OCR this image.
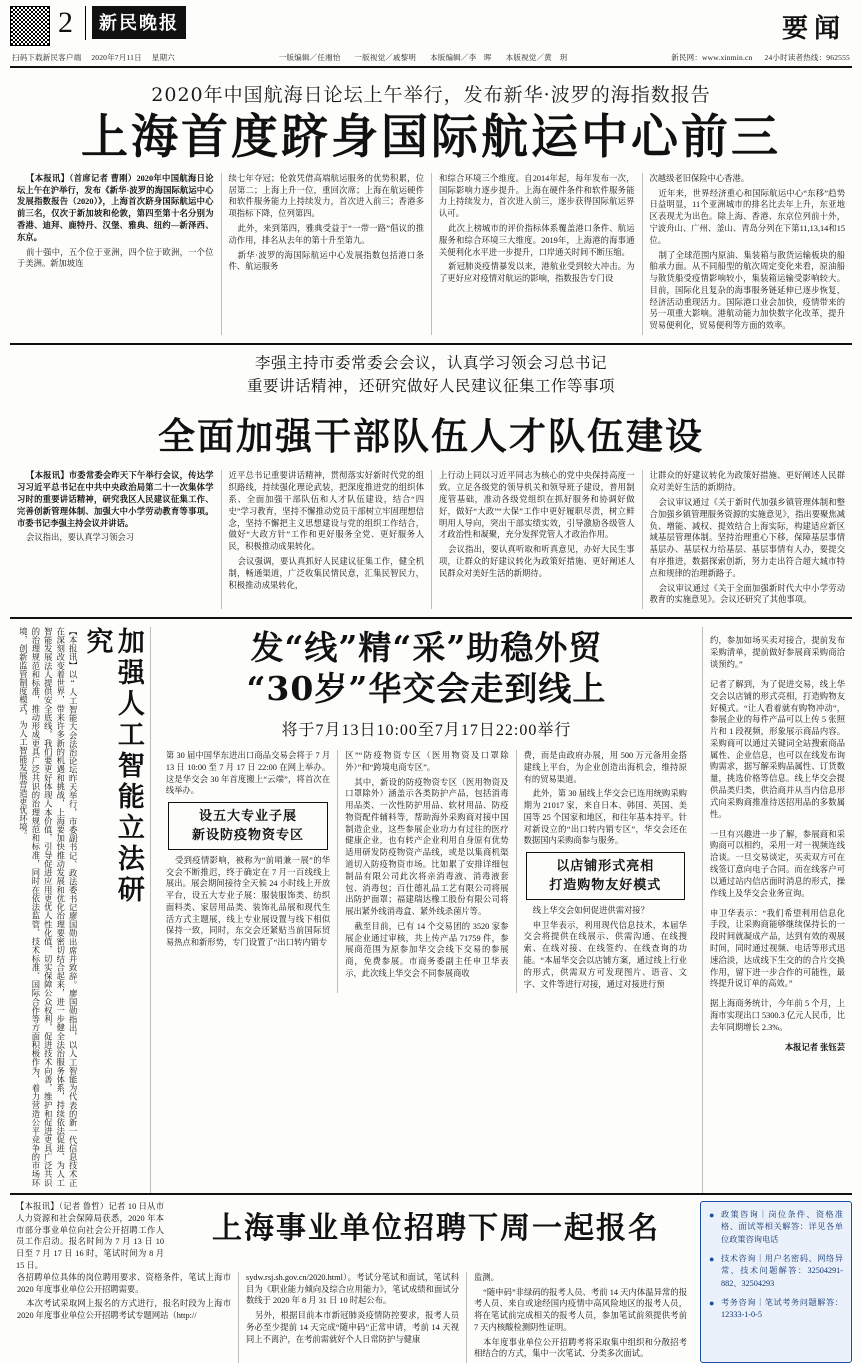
2	新民晚报	要闻
扫码下载新民客户端 2020年7月11日 星期六	一版编辑／任湘怡 一版视觉／戚黎明 本版编辑／李　晖 本版视觉／黄　玥	新民网：www.xinmin.cn 24小时读者热线：962555
2020年中国航海日论坛上午举行，发布新华·波罗的海指数报告
上海首度跻身国际航运中心前三

【本报讯】（首席记者 曹刚）2020年中国航海日论坛上午在沪举行，发布《新华·波罗的海国际航运中心发展指数报告（2020）》，上海首次跻身国际航运中心前三名，仅次于新加坡和伦敦，第四至第十名分别为香港、迪拜、鹿特丹、汉堡、雅典、纽约—新泽西、东京。

前十强中，五个位于亚洲，四个位于欧洲，一个位于美洲。新加坡连

续七年夺冠；伦敦凭借高端航运服务的优势积累，位居第二；上海上升一位，重回次席；上海在航运硬件和软件服务能力上持续发力，首次进入前三；香港多项指标下降，位列第四。

此外，来到第四，雅典受益于“一带一路”倡议的推动作用，排名从去年的第十升至第九。

新华·波罗的海国际航运中心发展指数包括港口条件、航运服务

和综合环境三个维度。自2014年起，每年发布一次，国际影响力逐步提升。上海在硬件条件和软件服务能力上持续发力，首次进入前三，逐步获得国际航运界认可。

此次上榜城市的评价指标体系覆盖港口条件、航运服务和综合环境三大维度。2019年，上海港的海事通关便利化水平进一步提升，口岸通关时间不断压缩。

新冠肺炎疫情暴发以来，港航业受到较大冲击。为了更好应对疫情对航运的影响，指数报告专门设

次越级老旧保险中心香港。

近年来，世界经济重心和国际航运中心“东移”趋势日益明显，11个亚洲城市的排名比去年上升，东亚地区表现尤为出色。除上海、香港、东京位列前十外，宁波舟山、广州、釜山、青岛分列在下第11,13,14和15位。

制了全球范围内原油、集装箱与散货运输板块的船舶承力面。从不同船型的航次周定变化来看，原油船与散货船受疫情影响较小，集装箱运输受影响较大。目前，国际化且复杂的海事服务链延伸已逐步恢复，经济活动重现活力。国际港口业会加快，疫情带来的另一项重大影响。港航动能力加快数字化改革，提升贸易便利化，贸易便利等方面的效率。

李强主持市委常委会会议，认真学习领会习总书记
重要讲话精神，还研究做好人民建议征集工作等事项
全面加强干部队伍人才队伍建设

【本报讯】市委常委会昨天下午举行会议，传达学习习近平总书记在中共中央政治局第二十一次集体学习时的重要讲话精神，研究我区人民建议征集工作、完善创新管理体制、加强大中小学劳动教育等事项。市委书记李强主持会议并讲话。

会议指出，要认真学习领会习

近平总书记重要讲话精神，贯彻落实好新时代党的组织路线，持续强化理论武装，把深度推进党的组织体系、全面加强干部队伍和人才队伍建设，结合“四史”学习教育，坚持不懈推动党员干部树立牢固理想信念，坚持不懈把主义思想建设与党的组织工作结合，做好“大政方针”工作和更好服务全党、更好服务人民，积极推动成果转化。

会议强调，要认真抓好人民建议征集工作，健全机制，畅通渠道，广泛收集民情民意，汇集民智民力，积极推动成果转化，

上行动上同以习近平同志为核心的党中央保持高度一致。立足各级党的领导机关和领导班子建设，普用制度管基础，准动各级党组织在抓好服务和协调好做好，做好“大政”“大保”工作中更好履职尽责，树立鲜明用人导向，突出干部实绩实效，引导激励各级管人才政治性和凝聚，充分发挥党管人才政治作用。

会议指出，要认真听取和听真意见，办好大民生事项，让群众的好建议转化为政策好措施、更好阐述人民群众对美好生活的新期待。

让群众的好建议转化为政策好措施、更好阐述人民群众对美好生活的新期待。

会议审议通过《关于新时代加强乡镇管理体制和整合加强乡镇管理服务资源的实施意见》，指出要聚焦减负、增能、减权、提效结合上海实际，构建适应新区域基层管理体制。坚持治理重心下移，保障基层事情基层办、基层权力给基层、基层事情有人办，要提交有序推进，数据探索创新，努力走出符合超大城市特点和规律的治理新路子。

会议审议通过《关于全面加强新时代大中小学劳动教育的实施意见》。会议还研究了其他事项。

加强人工智能立法研究
【本报讯】以“人工智能大会法治论坛昨天举行，市委副书记、政法委书记廖国勋出席并致辞。廖国勋指出，以人工智能为代表的新一代信息技术正在深刻改变着世界，带来许多新的机遇和挑战，上海要加快推动发展和优化治理要密切结合起来，进一步健全法治服务体系，持续依法促进、为人工智能发展法人提供安全底线，我们要更好体现人本价值，引导促进应用更优人性化值，切实保障公众权利，促进技术向善，维护和促进更具广泛共识的治理规范和标准，推动形成更具广泛共识的治理规范和标准，同时在依法监管、技术标准、国际合作等方面积极作为，着力营造公平竞争的市场环境，创新监管制度模式，为人工智能发展营造更优环境。	发“线”精“采”助稳外贸
“30岁”华交会走到线上
将于7月13日10:00至7月17日22:00举行

第 30 届中国华东进出口商品交易会将于 7 月 13 日 10:00 至 7 月 17 日 22:00 在网上举办。这是华交会 30 年首度搬上“云端”，将首次在线举办。

设五大专业子展
新设防疫物资专区

受到疫情影响，被称为“前哨兼一展”的华交会不断推迟，终于确定在 7 月一百线线上展出。展会期间接待全天候 24 小时线上开放平台，设五大专业子展：服装服饰类、纺织面料类、家居用品类、装饰礼品展和现代生活方式主题展，线上专业展设置与线下相似保持一致，同时，东交会还紧贴当前国际贸易热点和新形势，专门设置了“出口转内销专

区”“防疫物资专区（医用物资及口罩除外）”和“跨境电商专区”。

其中，新设的防疫物资专区（医用物资及口罩除外）涵盖示各类防护产品，包括消毒用品类、一次性防护用品、软材用品、防疫物资配件辅料等，帮助海外采购商对接中国制造企业，这些参展企业功力有过往的医疗健康企业，也有转产企业利用自身原有优势适用研发防疫物资产品线，或是以集商机渠道切入防疫物资市场。比如累了安排详细包制品有限公司此次将亲消毒液、消毒液套包、消毒包；百仕德礼品工艺有限公司将展出防护面罩；福建瑞达橡工股份有限公司将展出紧外线消毒盒、紧外线杀菌片等。

截至目前，已有 14 个交易团的 3520 家参展企业通过审核，共上传产品 71759 件，参展商范围为原参加华交会线下交易的参展商，免费参展。市商务委副主任申卫华表示，此次线上华交会不同参展商收

费，而是由政府办展，用 500 万元备用金搭建线上平台，为企业创造出海机会，维持原有的贸易渠道。

此外，第 30 届线上华交会已连用统购采购期为 21017 家，来自日本、韩国、英国、美国等 25 个国家和地区，和往年基本持平。针对新设立的“出口转内销专区”，华交会还在数据国内采购商参与服务。

以店铺形式亮相
打造购物友好模式

线上华交会如何促进供需对接？

申卫华表示，利用现代信息技术，本届华交会将提供在线展示、供需沟通、在线搜索、在线对接、在线签约、在线查询的功能。“本届华交会以店铺方案，通过线上行业的形式，供需双方可发现图片、语音、文字、文件等进行对接，通过对接进行预

约，参加如场买卖对接合，提前发布采购清单，提前做好参展商采购商洽谈预约。”

记者了解到，为了促进交易，线上华交会以店铺的形式亮相，打造购物友好模式。“让人看着就有购物冲动”，参展企业的每件产品可以上传 5 张照片和 1 段视频，形象展示商品内容。采购商可以通过关键词全站搜索商品属性、企业信息，也可以在线发布询购需求，据写解采购品属性、订货数量，挑选价格等信息。线上华交会提供品类归类，供洽商并从当内信息形式向采购商推准待送招用品的多数属性。

一旦有兴趣进一步了解，参展商和采购商可以相约，采用一对一视频连线洽谈。一旦交易谈定，买卖双方可在线签订意向电子合同。而在线客户可以通过站内信店面时消息的形式，操作线上及华交会业务宣询。

申卫华表示：“我们希望利用信息化手段，让采购商能够继续保持长的一段时间就凝成产品，达到有效的观展时间，同时通过视频、电话等形式迅速洽淡，达成线下生交的的合片交换作用，留下进一步合作的可能性，最终提升说订单的高效。”

据上海商务统计，今年前 5 个月，上海市实现出口 5300.3 亿元人民币，比去年同期增长 2.3%。

本报记者 张钰芸
【本报讯】（记者 鲁哲）记者 10 日从市人力资源和社会保障局获悉，2020 年本市部分事业单位向社会公开招聘工作人员工作启动。报名时间为 7 月 13 日 10 日至 7 月 17 日 16 时，笔试时间为 8 月 15 日。
上海事业单位招聘下周一起报名

各招聘单位具体的岗位聘用要求、资格条件，笔试上海市 2020 年度事业单位公开招聘需要。

本次考试采取网上报名的方式进行，报名时段为上海市 2020 年度事业单位公开招聘考试专题网站（http://

sydw.rsj.sh.gov.cn/2020.html）。考试分笔试和面试，笔试科目为《职业能力倾向及综合应用能力》，笔试成绩和面试分数线于 2020 年 8 月 31 日 10 时起公布。

另外，根据目前本市新冠肺炎疫情防控要求，报考人员务必至少提前 14 天完成“随申码”正常申请，考前 14 天视同上不离沪，在考前需就好个人日常防护与健康

监测。

“随申码”非绿码的报考人员、考前 14 天内体温异常的报考人员、来自或途经国内疫情中高风险地区的报考人员，将在笔试前完成相关的报考人员，参加笔试前须提供考前 7 天内核酸检测阴性证明。

本年度事业单位公开招聘考将采取集中组织和分散招考相结合的方式，集中一次笔试、分类多次面试。

● 政策咨询｜岗位条件、资格准格、面试等相关解答：详见各单位政策咨询电话
● 技术咨询｜用户名密码、网络异常、技术问题解答：32504291-882、32504293
● 考务咨询｜笔试考务问题解答：12333-1-0-5
